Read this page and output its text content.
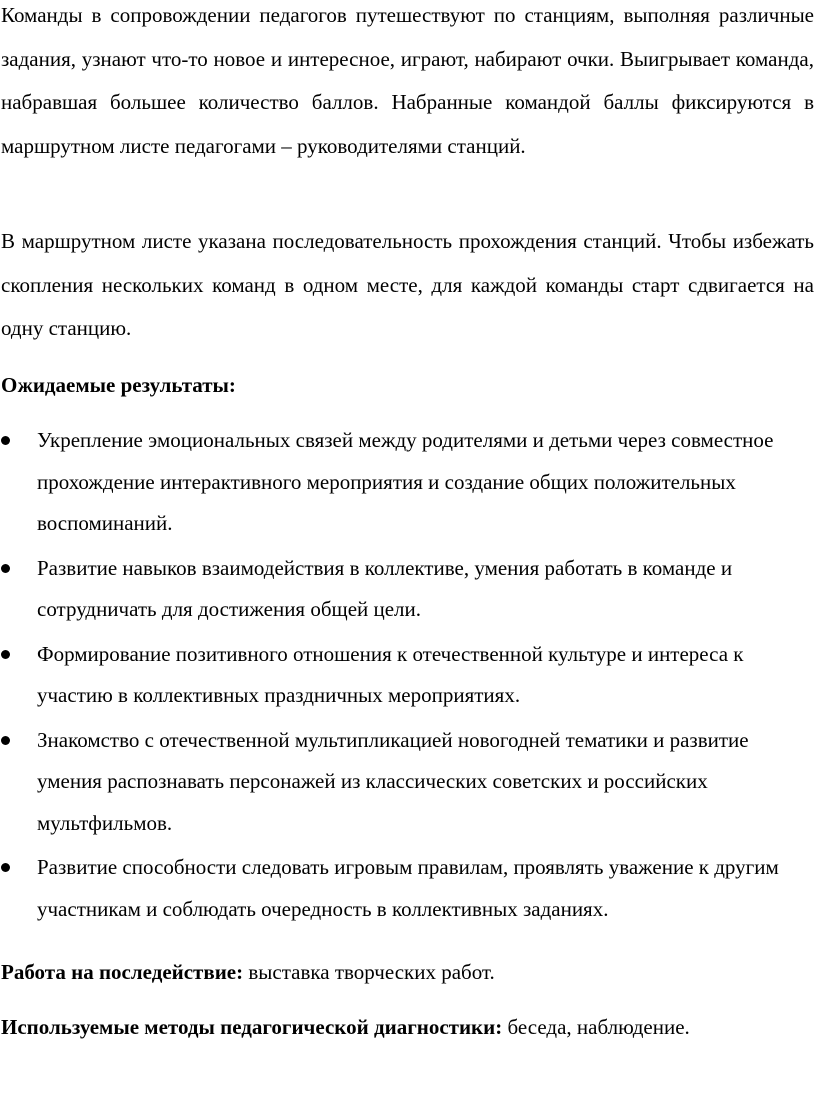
Команды в сопровождении педагогов путешествуют по станциям, выполняя различные задания, узнают что-то новое и интересное, играют, набирают очки. Выигрывает команда, набравшая большее количество баллов. Набранные командой баллы фиксируются в маршрутном листе педагогами – руководителями станций.

В маршрутном листе указана последовательность прохождения станций. Чтобы избежать скопления нескольких команд в одном месте, для каждой команды старт сдвигается на одну станцию.

Ожидаемые результаты:

Укрепление эмоциональных связей между родителями и детьми через совместное прохождение интерактивного мероприятия и создание общих положительных воспоминаний.
Развитие навыков взаимодействия в коллективе, умения работать в команде и сотрудничать для достижения общей цели.
Формирование позитивного отношения к отечественной культуре и интереса к участию в коллективных праздничных мероприятиях.
Знакомство с отечественной мультипликацией новогодней тематики и развитие умения распознавать персонажей из классических советских и российских мультфильмов.
Развитие способности следовать игровым правилам, проявлять уважение к другим участникам и соблюдать очередность в коллективных заданиях.

Работа на последействие: выставка творческих работ.

Используемые методы педагогической диагностики: беседа, наблюдение.
